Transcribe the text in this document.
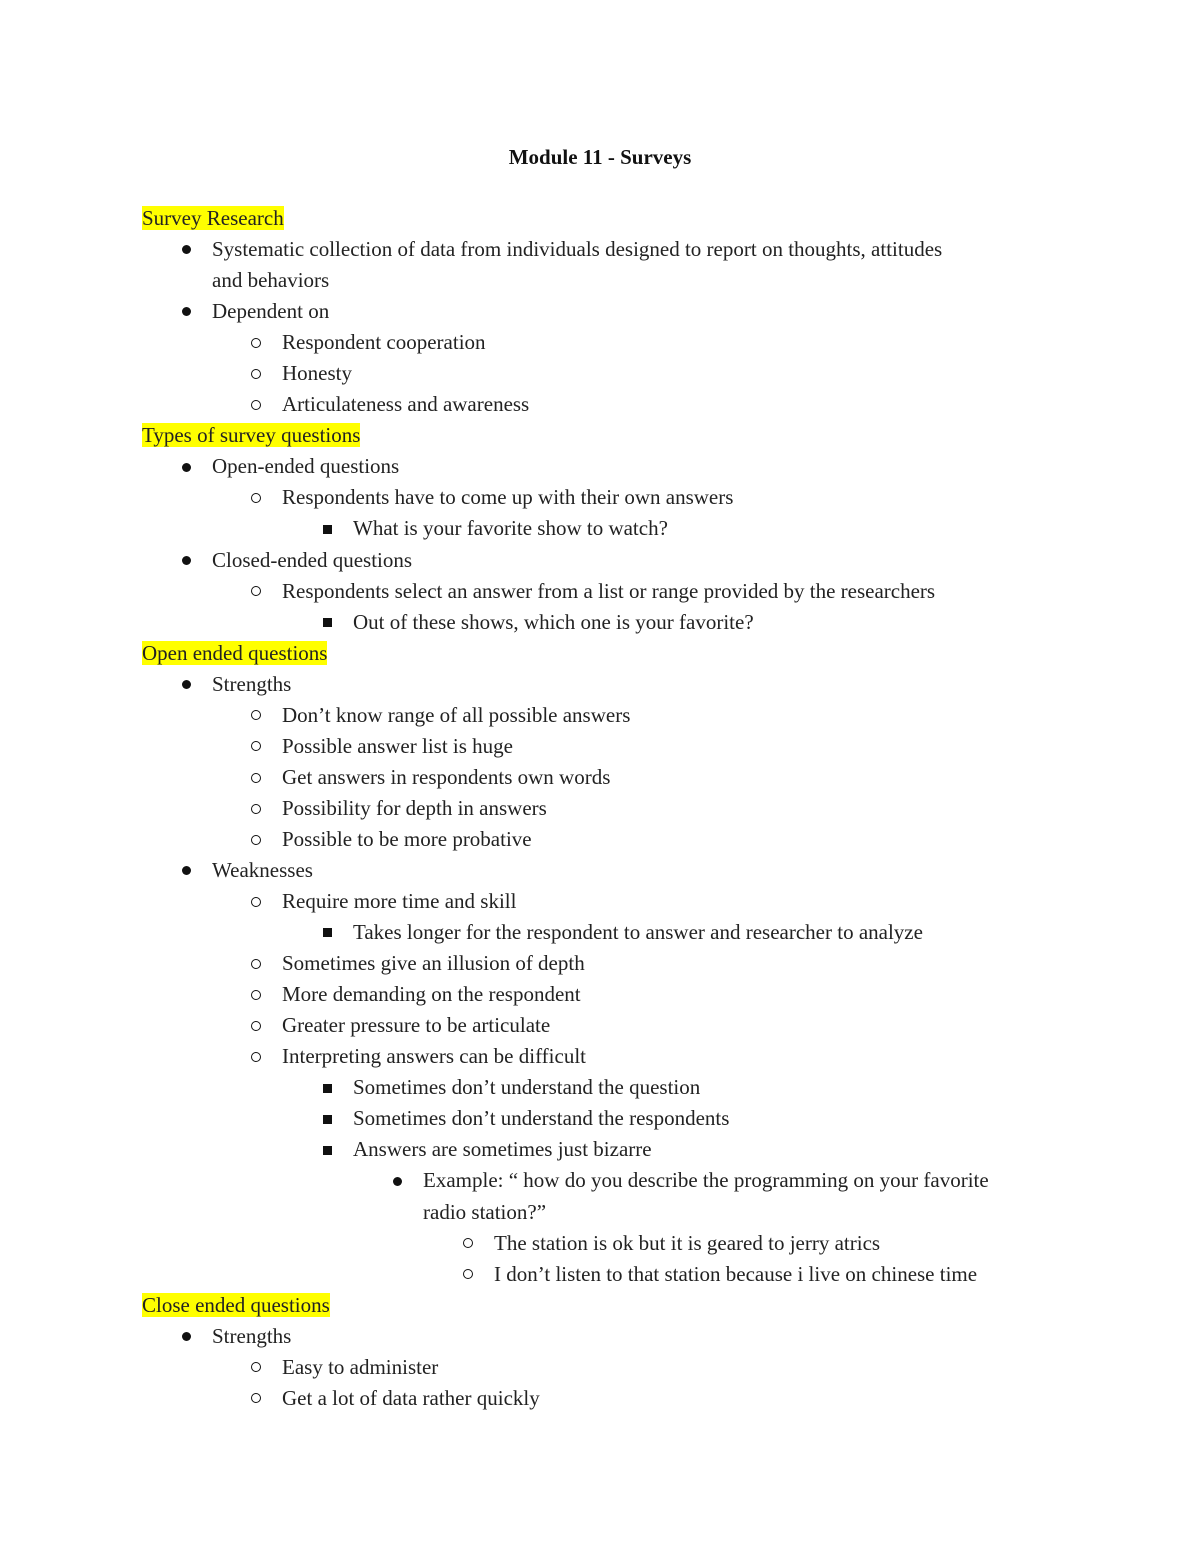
Module 11 - Surveys
Survey Research
Systematic collection of data from individuals designed to report on thoughts, attitudes
and behaviors
Dependent on
Respondent cooperation
Honesty
Articulateness and awareness
Types of survey questions
Open-ended questions
Respondents have to come up with their own answers
What is your favorite show to watch?
Closed-ended questions
Respondents select an answer from a list or range provided by the researchers
Out of these shows, which one is your favorite?
Open ended questions
Strengths
Don’t know range of all possible answers
Possible answer list is huge
Get answers in respondents own words
Possibility for depth in answers
Possible to be more probative
Weaknesses
Require more time and skill
Takes longer for the respondent to answer and researcher to analyze
Sometimes give an illusion of depth
More demanding on the respondent
Greater pressure to be articulate
Interpreting answers can be difficult
Sometimes don’t understand the question
Sometimes don’t understand the respondents
Answers are sometimes just bizarre
Example: “ how do you describe the programming on your favorite
radio station?”
The station is ok but it is geared to jerry atrics
I don’t listen to that station because i live on chinese time
Close ended questions
Strengths
Easy to administer
Get a lot of data rather quickly
